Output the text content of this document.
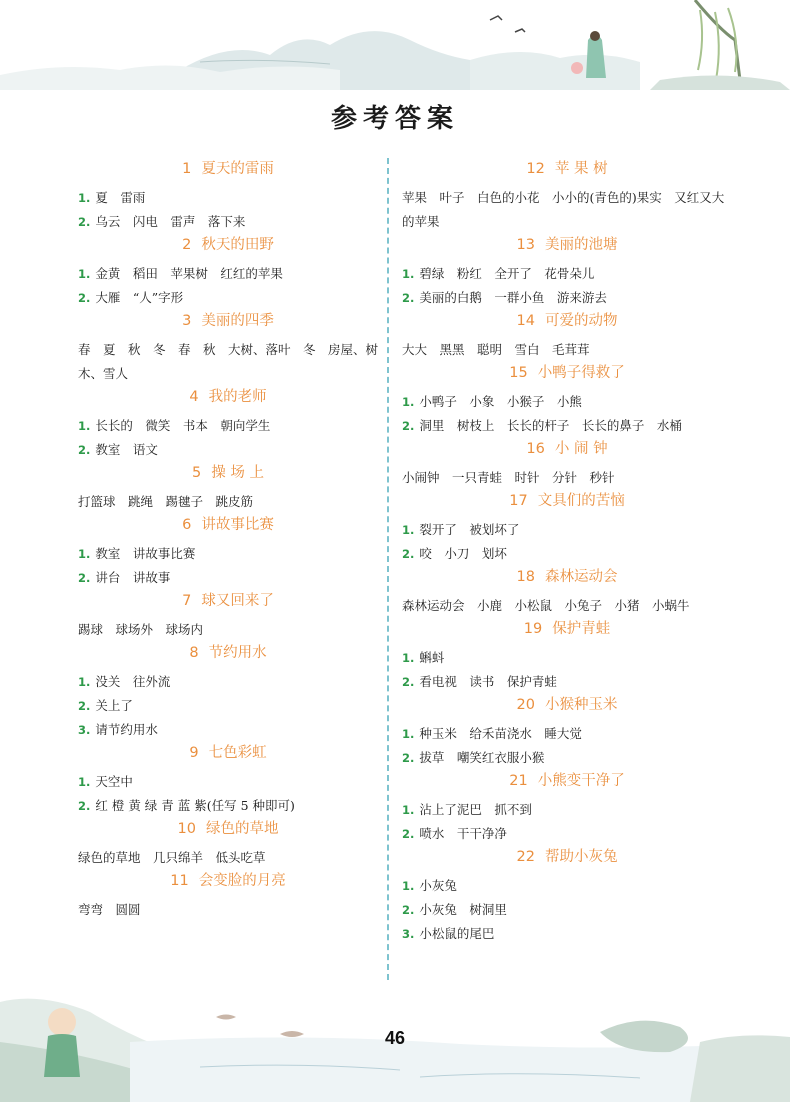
参考答案
1 夏天的雷雨
1. 夏　雷雨
2. 乌云　闪电　雷声　落下来
2 秋天的田野
1. 金黄　稻田　苹果树　红红的苹果
2. 大雁　“人”字形
3 美丽的四季
春　夏　秋　冬　春　秋　大树、落叶　冬　房屋、树木、雪人
4 我的老师
1. 长长的　微笑　书本　朝向学生
2. 教室　语文
5 操 场 上
打篮球　跳绳　踢毽子　跳皮筋
6 讲故事比赛
1. 教室　讲故事比赛
2. 讲台　讲故事
7 球又回来了
踢球　球场外　球场内
8 节约用水
1. 没关　往外流
2. 关上了
3. 请节约用水
9 七色彩虹
1. 天空中
2. 红 橙 黄 绿 青 蓝 紫(任写 5 种即可)
10 绿色的草地
绿色的草地　几只绵羊　低头吃草
11 会变脸的月亮
弯弯　圆圆
12 苹 果 树
苹果　叶子　白色的小花　小小的(青色的)果实　又红又大的苹果
13 美丽的池塘
1. 碧绿　粉红　全开了　花骨朵儿
2. 美丽的白鹅　一群小鱼　游来游去
14 可爱的动物
大大　黑黑　聪明　雪白　毛茸茸
15 小鸭子得救了
1. 小鸭子　小象　小猴子　小熊
2. 洞里　树枝上　长长的杆子　长长的鼻子　水桶
16 小 闹 钟
小闹钟　一只青蛙　时针　分针　秒针
17 文具们的苦恼
1. 裂开了　被划坏了
2. 咬　小刀　划坏
18 森林运动会
森林运动会　小鹿　小松鼠　小兔子　小猪　小蜗牛
19 保护青蛙
1. 蝌蚪
2. 看电视　读书　保护青蛙
20 小猴种玉米
1. 种玉米　给禾苗浇水　睡大觉
2. 拔草　嘲笑红衣服小猴
21 小熊变干净了
1. 沾上了泥巴　抓不到
2. 喷水　干干净净
22 帮助小灰兔
1. 小灰兔
2. 小灰兔　树洞里
3. 小松鼠的尾巴
46
